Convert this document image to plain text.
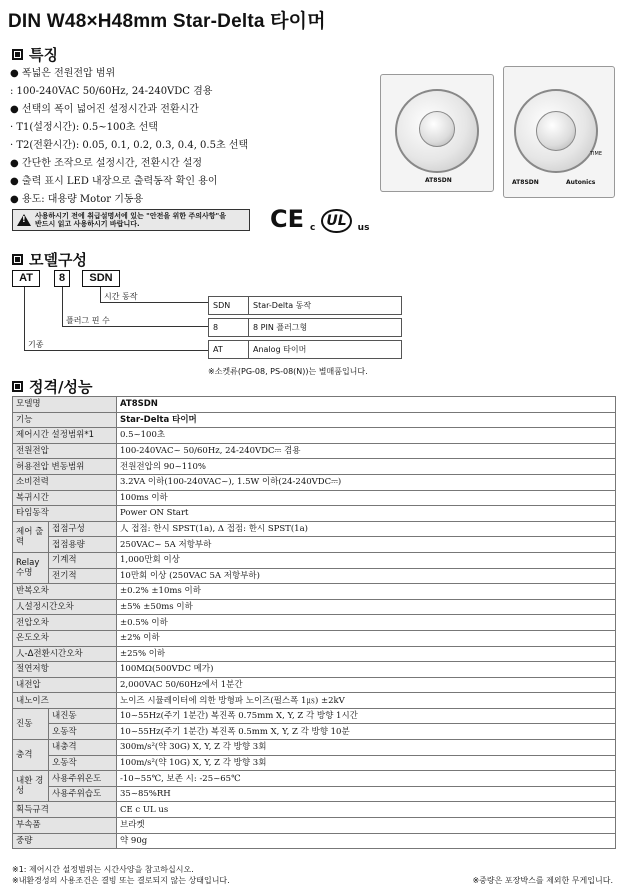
DIN W48×H48mm Star-Delta 타이머
특징
● 폭넓은 전원전압 범위
: 100-240VAC 50/60Hz, 24-240VDC 겸용
● 선택의 폭이 넓어진 설정시간과 전환시간
· T1(설정시간): 0.5~100초 선택
· T2(전환시간): 0.05, 0.1, 0.2, 0.3, 0.4, 0.5초 선택
● 간단한 조작으로 설정시간, 전환시간 설정
● 출력 표시 LED 내장으로 출력동작 확인 용이
● 용도: 대용량 Motor 기동용
! 사용하시기 전에 취급설명서에 있는 "안전을 위한 주의사항"을
반드시 읽고 사용하시기 바랍니다.	CE c UL	us
AT8SDN
TIME
AT8SDN	Autonics
모델구성
AT	8	SDN
시간 동작
플러그 핀 수
기종
SDN	Star-Delta 동작

8	8 PIN 플러그형

AT	Analog 타이머
※소켓류(PG-08, PS-08(N))는 별매품입니다.
정격/성능
모델명		AT8SDN
기능		Star-Delta 타이머
제어시간 설정범위*1		0.5~100초
전원전압		100-240VAC~ 50/60Hz, 24-240VDC⎓ 겸용
허용전압 변동범위		전원전압의 90~110%
소비전력		3.2VA 이하(100-240VAC~), 1.5W 이하(24-240VDC⎓)
복귀시간		100ms 이하
타임동작		Power ON Start
제어 출력	접점구성	人 접점: 한시 SPST(1a), Δ 접점: 한시 SPST(1a)
	접점용량	250VAC~ 5A 저항부하
Relay 수명	기계적	1,000만회 이상
	전기적	10만회 이상 (250VAC 5A 저항부하)
반복오차		±0.2% ±10ms 이하
人설정시간오차		±5% ±50ms 이하
전압오차		±0.5% 이하
온도오차		±2% 이하
人-Δ전환시간오차		±25% 이하
절연저항		100MΩ(500VDC 메가)
내전압		2,000VAC 50/60Hz에서 1분간
내노이즈		노이즈 시뮬레이터에 의한 방형파 노이즈(펄스폭 1㎲) ±2kV
진동	내진동	10~55Hz(주기 1분간) 복진폭 0.75mm X, Y, Z 각 방향 1시간
	오동작	10~55Hz(주기 1분간) 복진폭 0.5mm X, Y, Z 각 방향 10분
충격	내충격	300m/s²(약 30G) X, Y, Z 각 방향 3회
	오동작	100m/s²(약 10G) X, Y, Z 각 방향 3회
내환 경성	사용주위온도	-10~55℃, 보존 시: -25~65℃
	사용주위습도	35~85%RH
획득규격		CE c UL us
부속품		브라켓
중량		약 90g
※1: 제어시간 설정범위는 시간사양을 참고하십시오.
※내환경성의 사용조건은 결빙 또는 결로되지 않는 상태입니다.	※중량은 포장박스를 제외한 무게입니다.
